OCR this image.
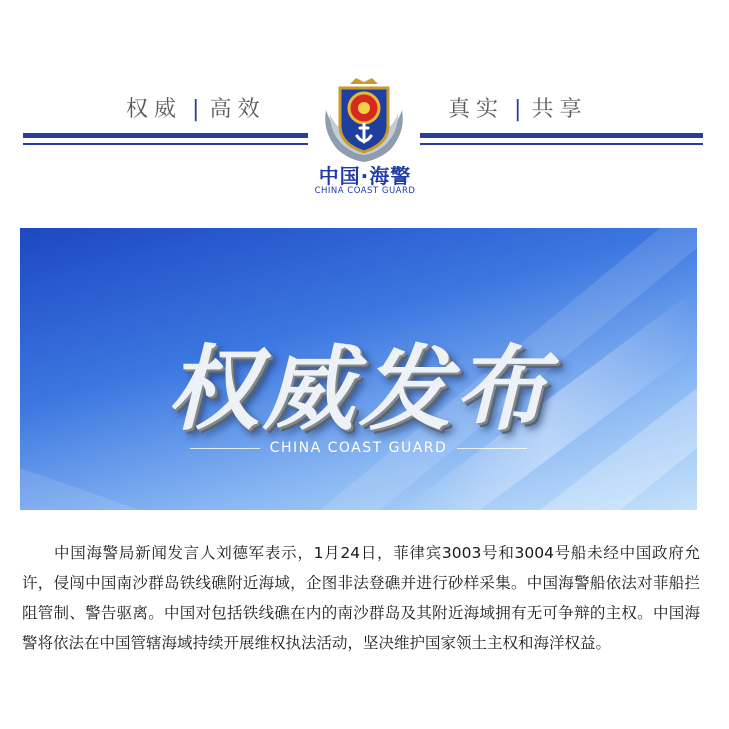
权威 | 高效	真实 | 共享
中国·海警
CHINA COAST GUARD
权威发布
CHINA COAST GUARD

中国海警局新闻发言人刘德军表示，1月24日，菲律宾3003号和3004号船未经中国政府允许，侵闯中国南沙群岛铁线礁附近海域，企图非法登礁并进行砂样采集。中国海警船依法对菲船拦阻管制、警告驱离。中国对包括铁线礁在内的南沙群岛及其附近海域拥有无可争辩的主权。中国海警将依法在中国管辖海域持续开展维权执法活动，坚决维护国家领土主权和海洋权益。
